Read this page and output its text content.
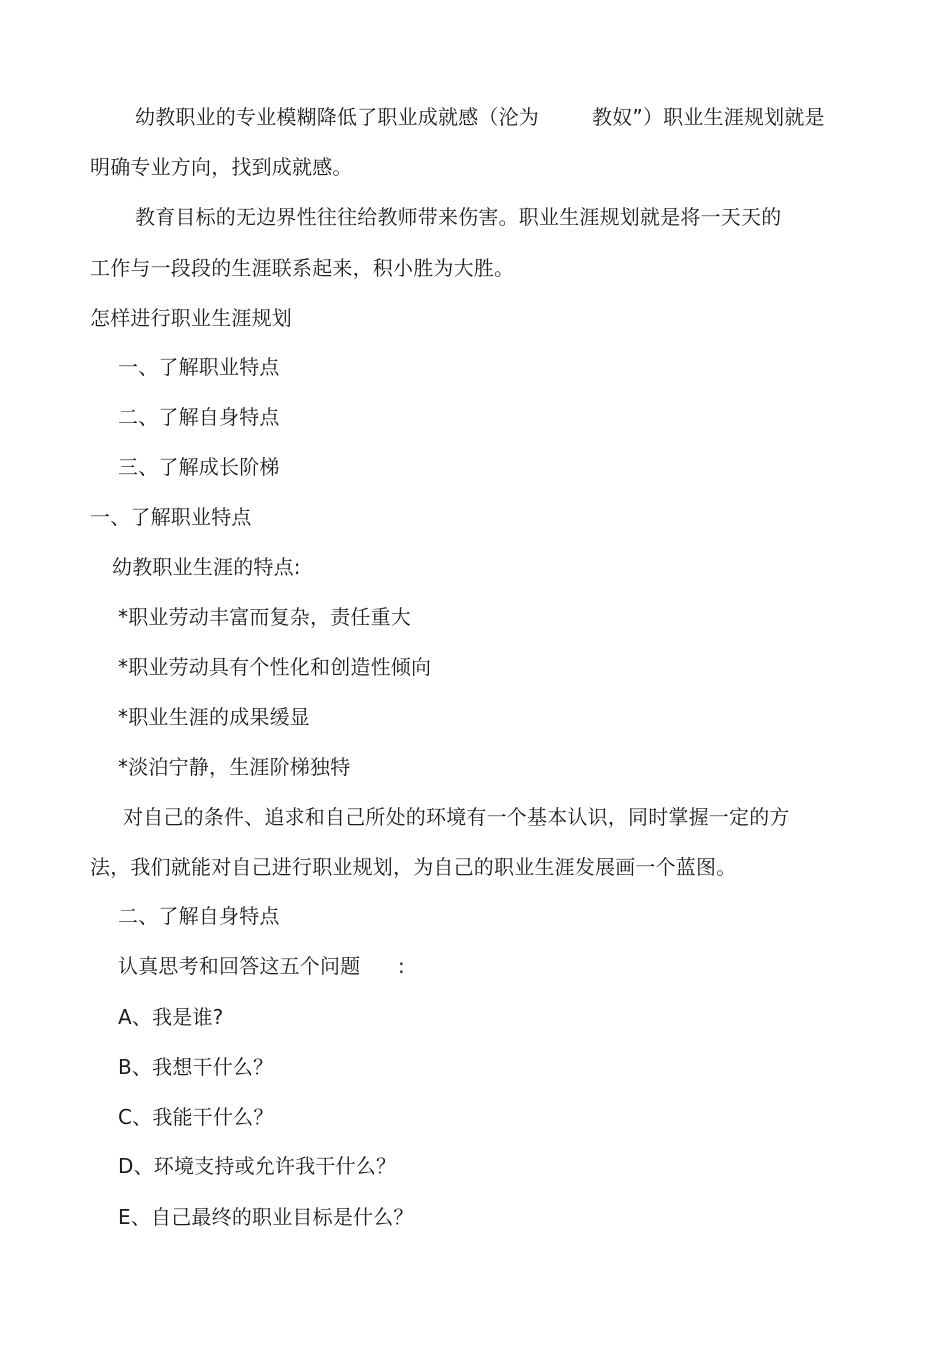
幼教职业的专业模糊降低了职业成就感（沦为	教奴”）职业生涯规划就是
明确专业方向，找到成就感。
教育目标的无边界性往往给教师带来伤害。职业生涯规划就是将一天天的
工作与一段段的生涯联系起来，积小胜为大胜。
怎样进行职业生涯规划
一、了解职业特点
二、了解自身特点
三、了解成长阶梯
一、了解职业特点
幼教职业生涯的特点:
*职业劳动丰富而复杂，责任重大
*职业劳动具有个性化和创造性倾向
*职业生涯的成果缓显
*淡泊宁静，生涯阶梯独特
对自己的条件、追求和自己所处的环境有一个基本认识，同时掌握一定的方
法，我们就能对自己进行职业规划，为自己的职业生涯发展画一个蓝图。
二、了解自身特点
认真思考和回答这五个问题 :
A、我是谁?
B、我想干什么？
C、我能干什么？
D、环境支持或允许我干什么？
E、自己最终的职业目标是什么？
